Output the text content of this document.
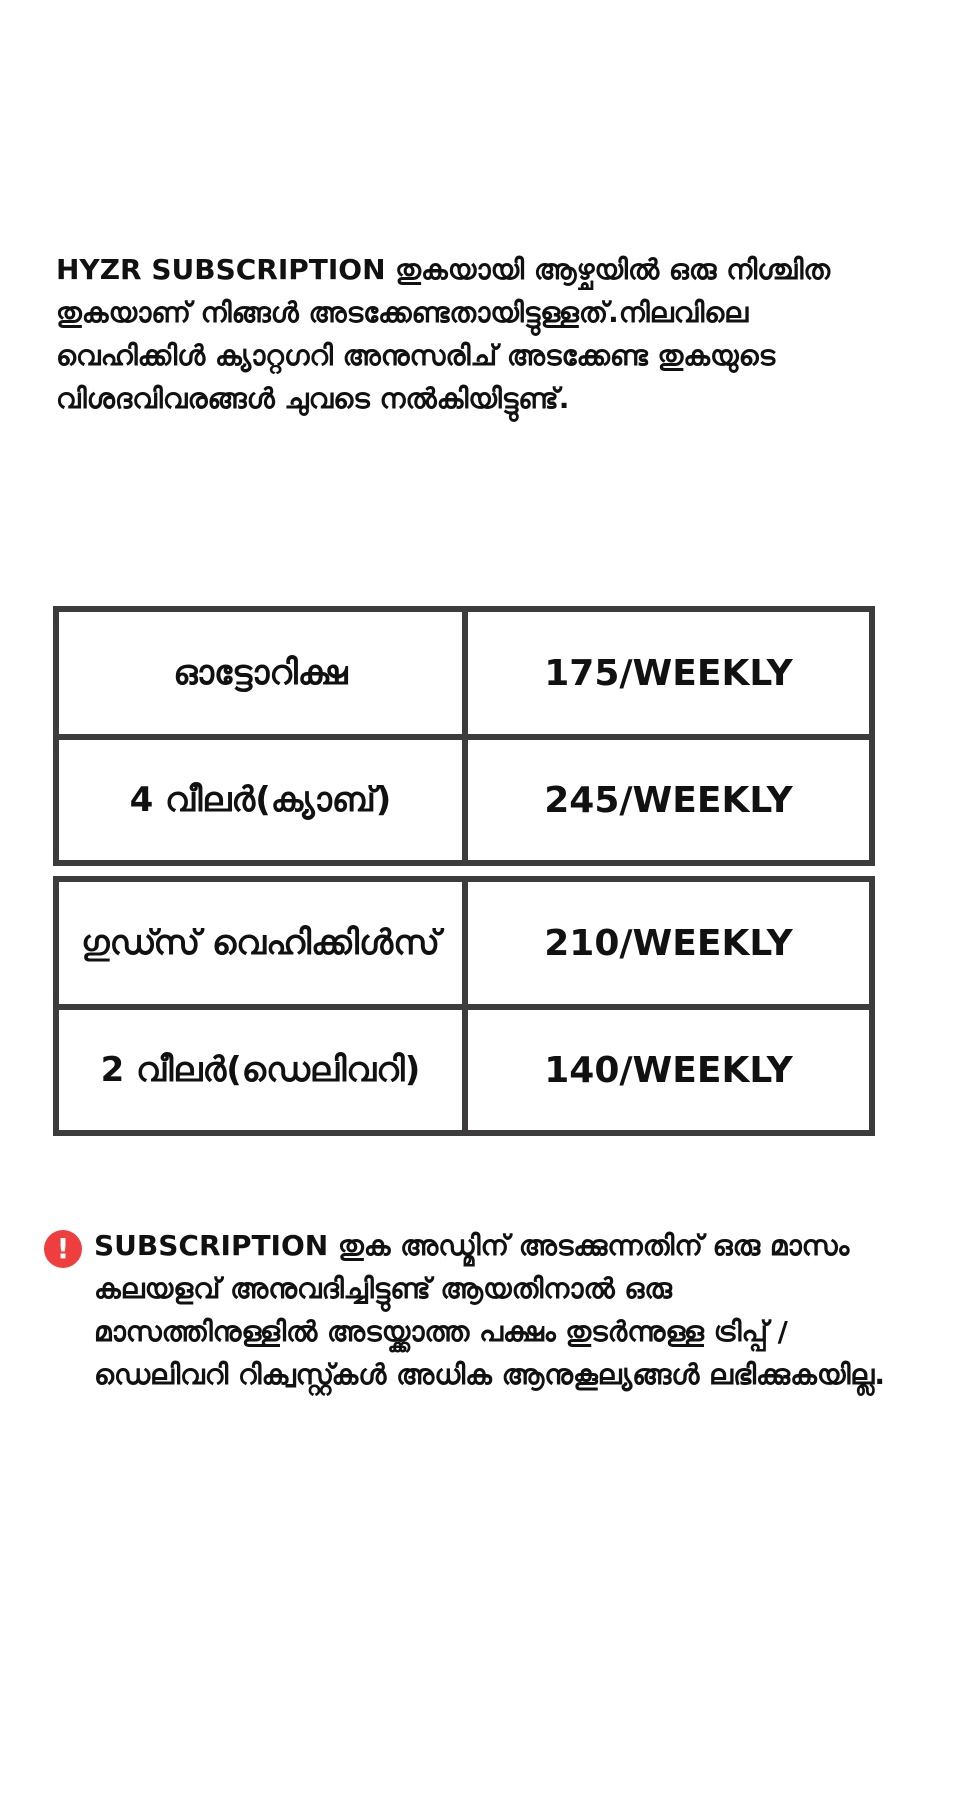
HYZR SUBSCRIPTION തുകയായി ആഴ്ചയിൽ ഒരു നിശ്ചിത തുകയാണ് നിങ്ങൾ അടക്കേണ്ടതായിട്ടുള്ളത്.നിലവിലെ വെഹിക്കിൾ ക്യാറ്റഗറി അനുസരിച് അടക്കേണ്ട തുകയുടെ വിശദവിവരങ്ങൾ ചുവടെ നൽകിയിട്ടുണ്ട്.

ഓട്ടോറിക്ഷ	175/WEEKLY
4 വീലർ(ക്യാബ്)	245/WEEKLY
ഗുഡ്സ് വെഹിക്കിൾസ്	210/WEEKLY
2 വീലർ(ഡെലിവറി)	140/WEEKLY
! SUBSCRIPTION തുക അഡ്മിന് അടക്കുന്നതിന് ഒരു മാസം കലയളവ് അനുവദിച്ചിട്ടുണ്ട് ആയതിനാൽ ഒരു മാസത്തിനുള്ളിൽ അടയ്ക്കാത്ത പക്ഷം തുടർന്നുള്ള ട്രിപ്പ് /ഡെലിവറി റിക്വസ്റ്റ്കൾ അധിക ആനുകൂല്യങ്ങൾ ലഭിക്കുകയില്ല.
